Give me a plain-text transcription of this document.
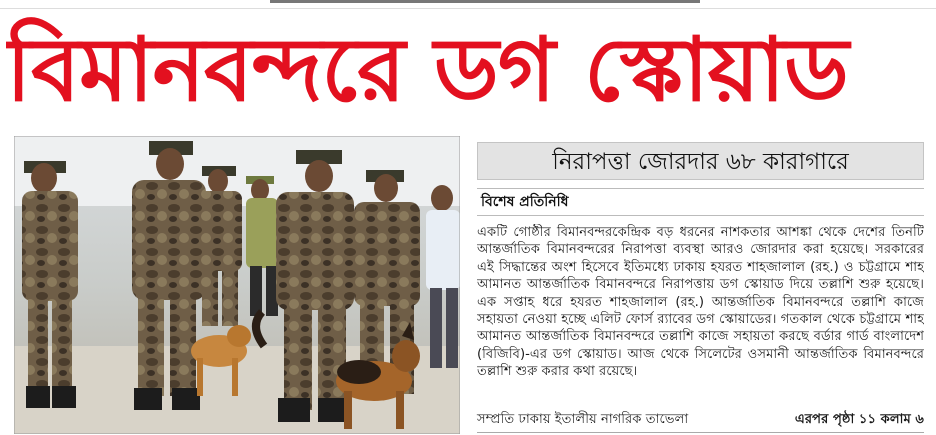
বিমানবন্দরে ডগ স্কোয়াড
নিরাপত্তা জোরদার ৬৮ কারাগারে
বিশেষ প্রতিনিধি
একটি গোষ্ঠীর বিমানবন্দরকেন্দ্রিক বড় ধরনের নাশকতার আশঙ্কা থেকে দেশের তিনটি আন্তর্জাতিক বিমানবন্দরের নিরাপত্তা ব্যবস্থা আরও জোরদার করা হয়েছে। সরকারের এই সিদ্ধান্তের অংশ হিসেবে ইতিমধ্যে ঢাকায় হযরত শাহজালাল (রহ.) ও চট্টগ্রামে শাহ আমানত আন্তর্জাতিক বিমানবন্দরে নিরাপত্তায় ডগ স্কোয়াড দিয়ে তল্লাশি শুরু হয়েছে। এক সপ্তাহ ধরে হযরত শাহজালাল (রহ.) আন্তর্জাতিক বিমানবন্দরে তল্লাশি কাজে সহায়তা নেওয়া হচ্ছে এলিট ফোর্স র‍্যাবের ডগ স্কোয়াডের। গতকাল থেকে চট্টগ্রামে শাহ আমানত আন্তর্জাতিক বিমানবন্দরে তল্লাশি কাজে সহায়তা করছে বর্ডার গার্ড বাংলাদেশ (বিজিবি)-এর ডগ স্কোয়াড। আজ থেকে সিলেটের ওসমানী আন্তর্জাতিক বিমানবন্দরে তল্লাশি শুরু করার কথা রয়েছে।
সম্প্রতি ঢাকায় ইতালীয় নাগরিক তাভেলা	এরপর পৃষ্ঠা ১১ কলাম ৬
